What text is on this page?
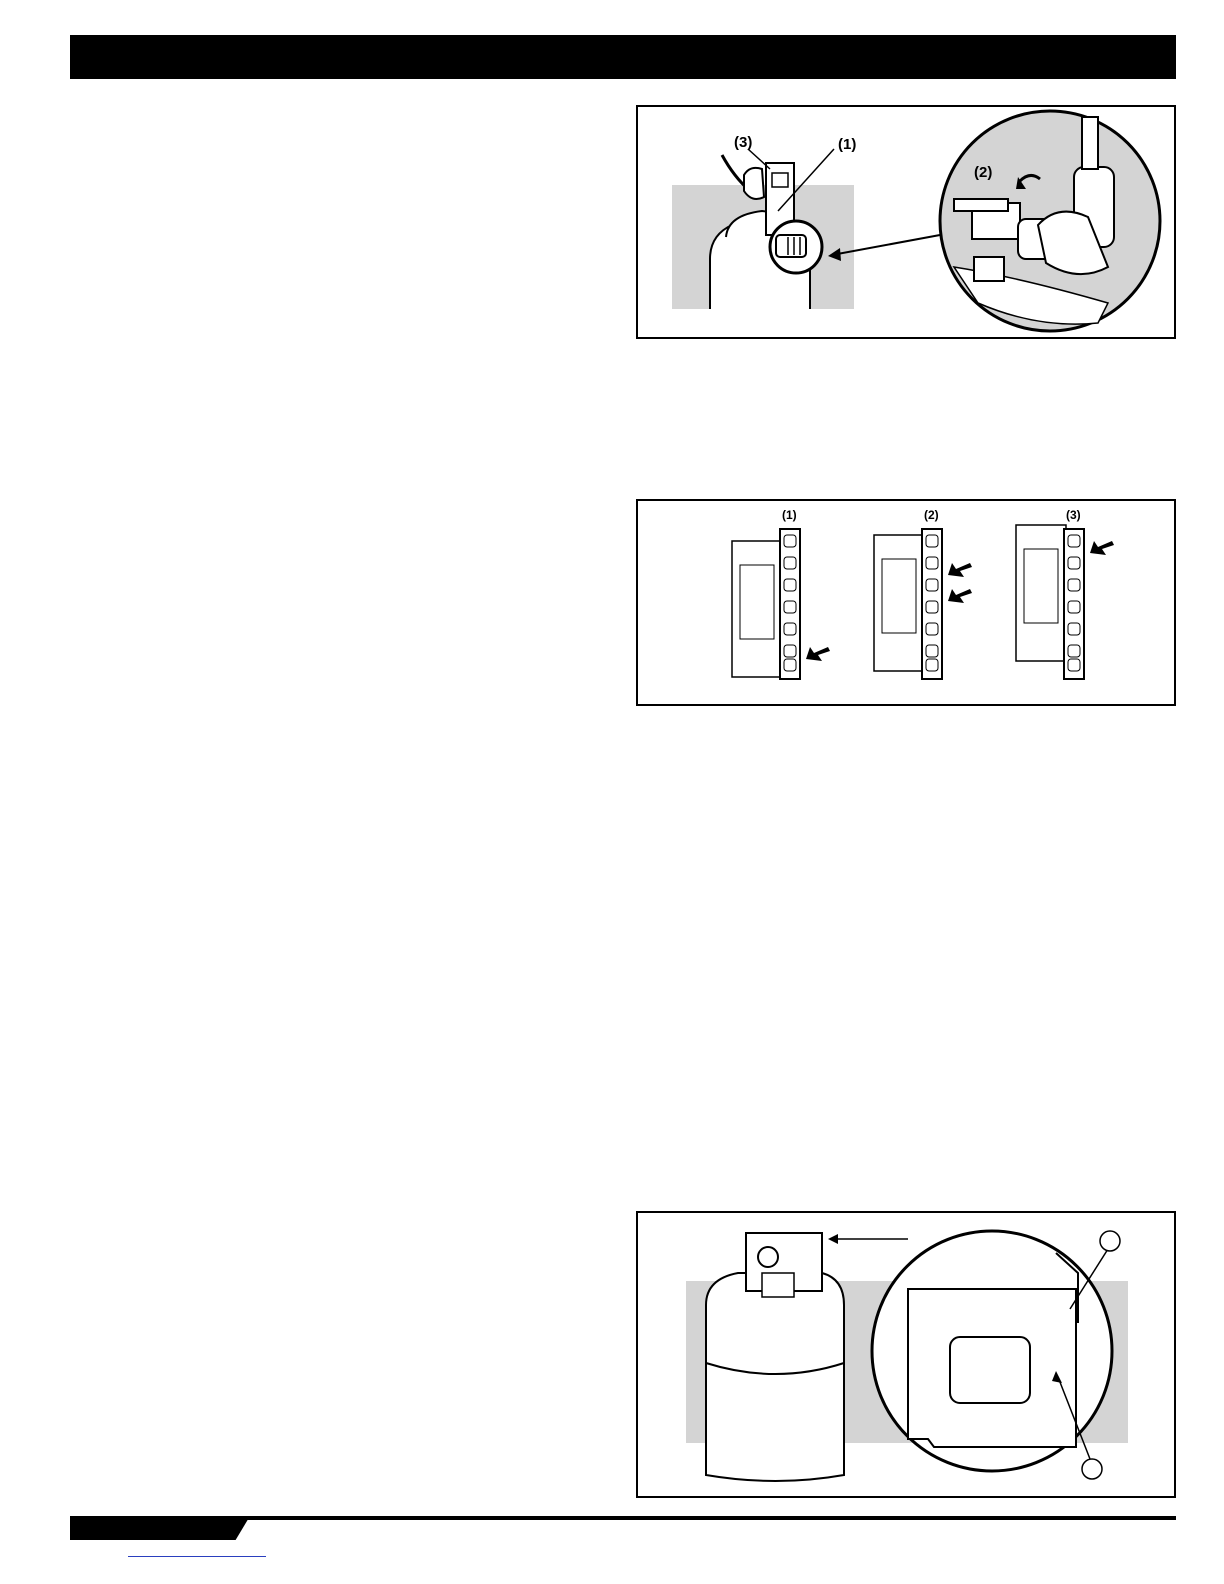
(3)	(1)
(2)
(1)	(2)	(3)
